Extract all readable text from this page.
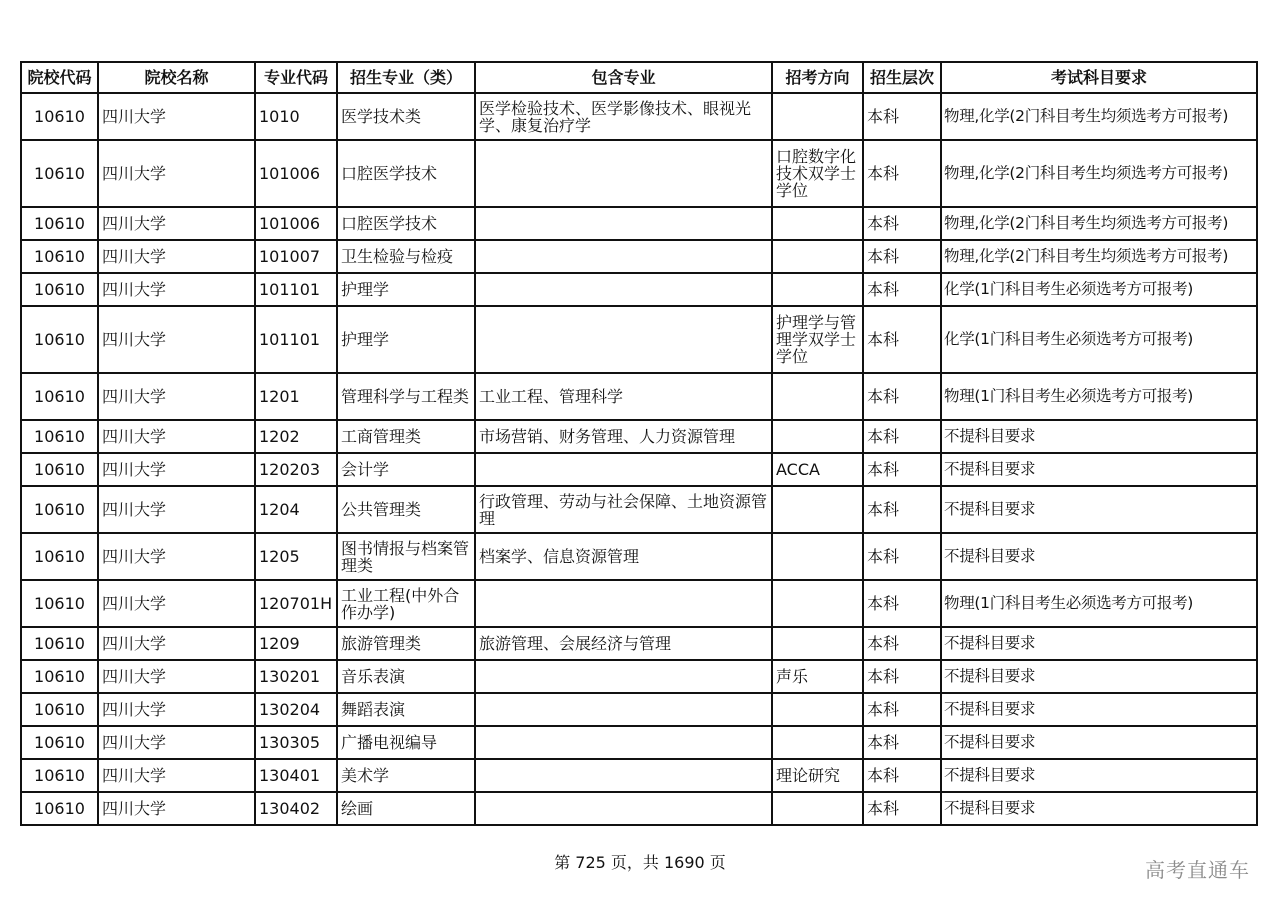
院校代码	院校名称	专业代码	招生专业（类）	包含专业	招考方向	招生层次	考试科目要求
10610	四川大学	1010	医学技术类	医学检验技术、医学影像技术、眼视光学、康复治疗学		本科	物理,化学(2门科目考生均须选考方可报考)
10610	四川大学	101006	口腔医学技术		口腔数字化技术双学士学位	本科	物理,化学(2门科目考生均须选考方可报考)
10610	四川大学	101006	口腔医学技术			本科	物理,化学(2门科目考生均须选考方可报考)
10610	四川大学	101007	卫生检验与检疫			本科	物理,化学(2门科目考生均须选考方可报考)
10610	四川大学	101101	护理学			本科	化学(1门科目考生必须选考方可报考)
10610	四川大学	101101	护理学		护理学与管理学双学士学位	本科	化学(1门科目考生必须选考方可报考)
10610	四川大学	1201	管理科学与工程类	工业工程、管理科学		本科	物理(1门科目考生必须选考方可报考)
10610	四川大学	1202	工商管理类	市场营销、财务管理、人力资源管理		本科	不提科目要求
10610	四川大学	120203	会计学		ACCA	本科	不提科目要求
10610	四川大学	1204	公共管理类	行政管理、劳动与社会保障、土地资源管理		本科	不提科目要求
10610	四川大学	1205	图书情报与档案管理类	档案学、信息资源管理		本科	不提科目要求
10610	四川大学	120701H	工业工程(中外合作办学)			本科	物理(1门科目考生必须选考方可报考)
10610	四川大学	1209	旅游管理类	旅游管理、会展经济与管理		本科	不提科目要求
10610	四川大学	130201	音乐表演		声乐	本科	不提科目要求
10610	四川大学	130204	舞蹈表演			本科	不提科目要求
10610	四川大学	130305	广播电视编导			本科	不提科目要求
10610	四川大学	130401	美术学		理论研究	本科	不提科目要求
10610	四川大学	130402	绘画			本科	不提科目要求
第 725 页，共 1690 页	高考直通车
